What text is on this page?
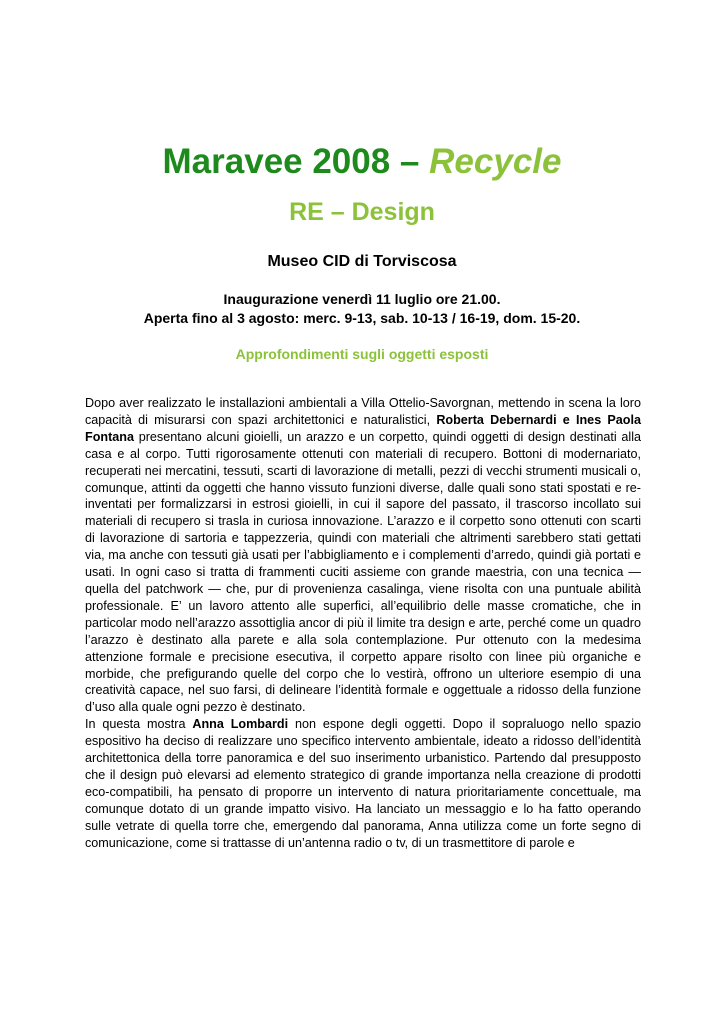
Maravee 2008 – Recycle
RE – Design
Museo CID di Torviscosa
Inaugurazione venerdì 11 luglio ore 21.00.
Aperta fino al 3 agosto: merc. 9-13, sab. 10-13 / 16-19, dom. 15-20.
Approfondimenti sugli oggetti esposti

Dopo aver realizzato le installazioni ambientali a Villa Ottelio-Savorgnan, mettendo in scena la loro capacità di misurarsi con spazi architettonici e naturalistici, Roberta Debernardi e Ines Paola Fontana presentano alcuni gioielli, un arazzo e un corpetto, quindi oggetti di design destinati alla casa e al corpo. Tutti rigorosamente ottenuti con materiali di recupero. Bottoni di modernariato, recuperati nei mercatini, tessuti, scarti di lavorazione di metalli, pezzi di vecchi strumenti musicali o, comunque, attinti da oggetti che hanno vissuto funzioni diverse, dalle quali sono stati spostati e re-inventati per formalizzarsi in estrosi gioielli, in cui il sapore del passato, il trascorso incollato sui materiali di recupero si trasla in curiosa innovazione. L’arazzo e il corpetto sono ottenuti con scarti di lavorazione di sartoria e tappezzeria, quindi con materiali che altrimenti sarebbero stati gettati via, ma anche con tessuti già usati per l’abbigliamento e i complementi d’arredo, quindi già portati e usati. In ogni caso si tratta di frammenti cuciti assieme con grande maestria, con una tecnica — quella del patchwork — che, pur di provenienza casalinga, viene risolta con una puntuale abilità professionale. E’ un lavoro attento alle superfici, all’equilibrio delle masse cromatiche, che in particolar modo nell’arazzo assottiglia ancor di più il limite tra design e arte, perché come un quadro l’arazzo è destinato alla parete e alla sola contemplazione. Pur ottenuto con la medesima attenzione formale e precisione esecutiva, il corpetto appare risolto con linee più organiche e morbide, che prefigurando quelle del corpo che lo vestirà, offrono un ulteriore esempio di una creatività capace, nel suo farsi, di delineare l’identità formale e oggettuale a ridosso della funzione d’uso alla quale ogni pezzo è destinato.

In questa mostra Anna Lombardi non espone degli oggetti. Dopo il sopraluogo nello spazio espositivo ha deciso di realizzare uno specifico intervento ambientale, ideato a ridosso dell’identità architettonica della torre panoramica e del suo inserimento urbanistico. Partendo dal presupposto che il design può elevarsi ad elemento strategico di grande importanza nella creazione di prodotti eco-compatibili, ha pensato di proporre un intervento di natura prioritariamente concettuale, ma comunque dotato di un grande impatto visivo. Ha lanciato un messaggio e lo ha fatto operando sulle vetrate di quella torre che, emergendo dal panorama, Anna utilizza come un forte segno di comunicazione, come si trattasse di un’antenna radio o tv, di un trasmettitore di parole e
